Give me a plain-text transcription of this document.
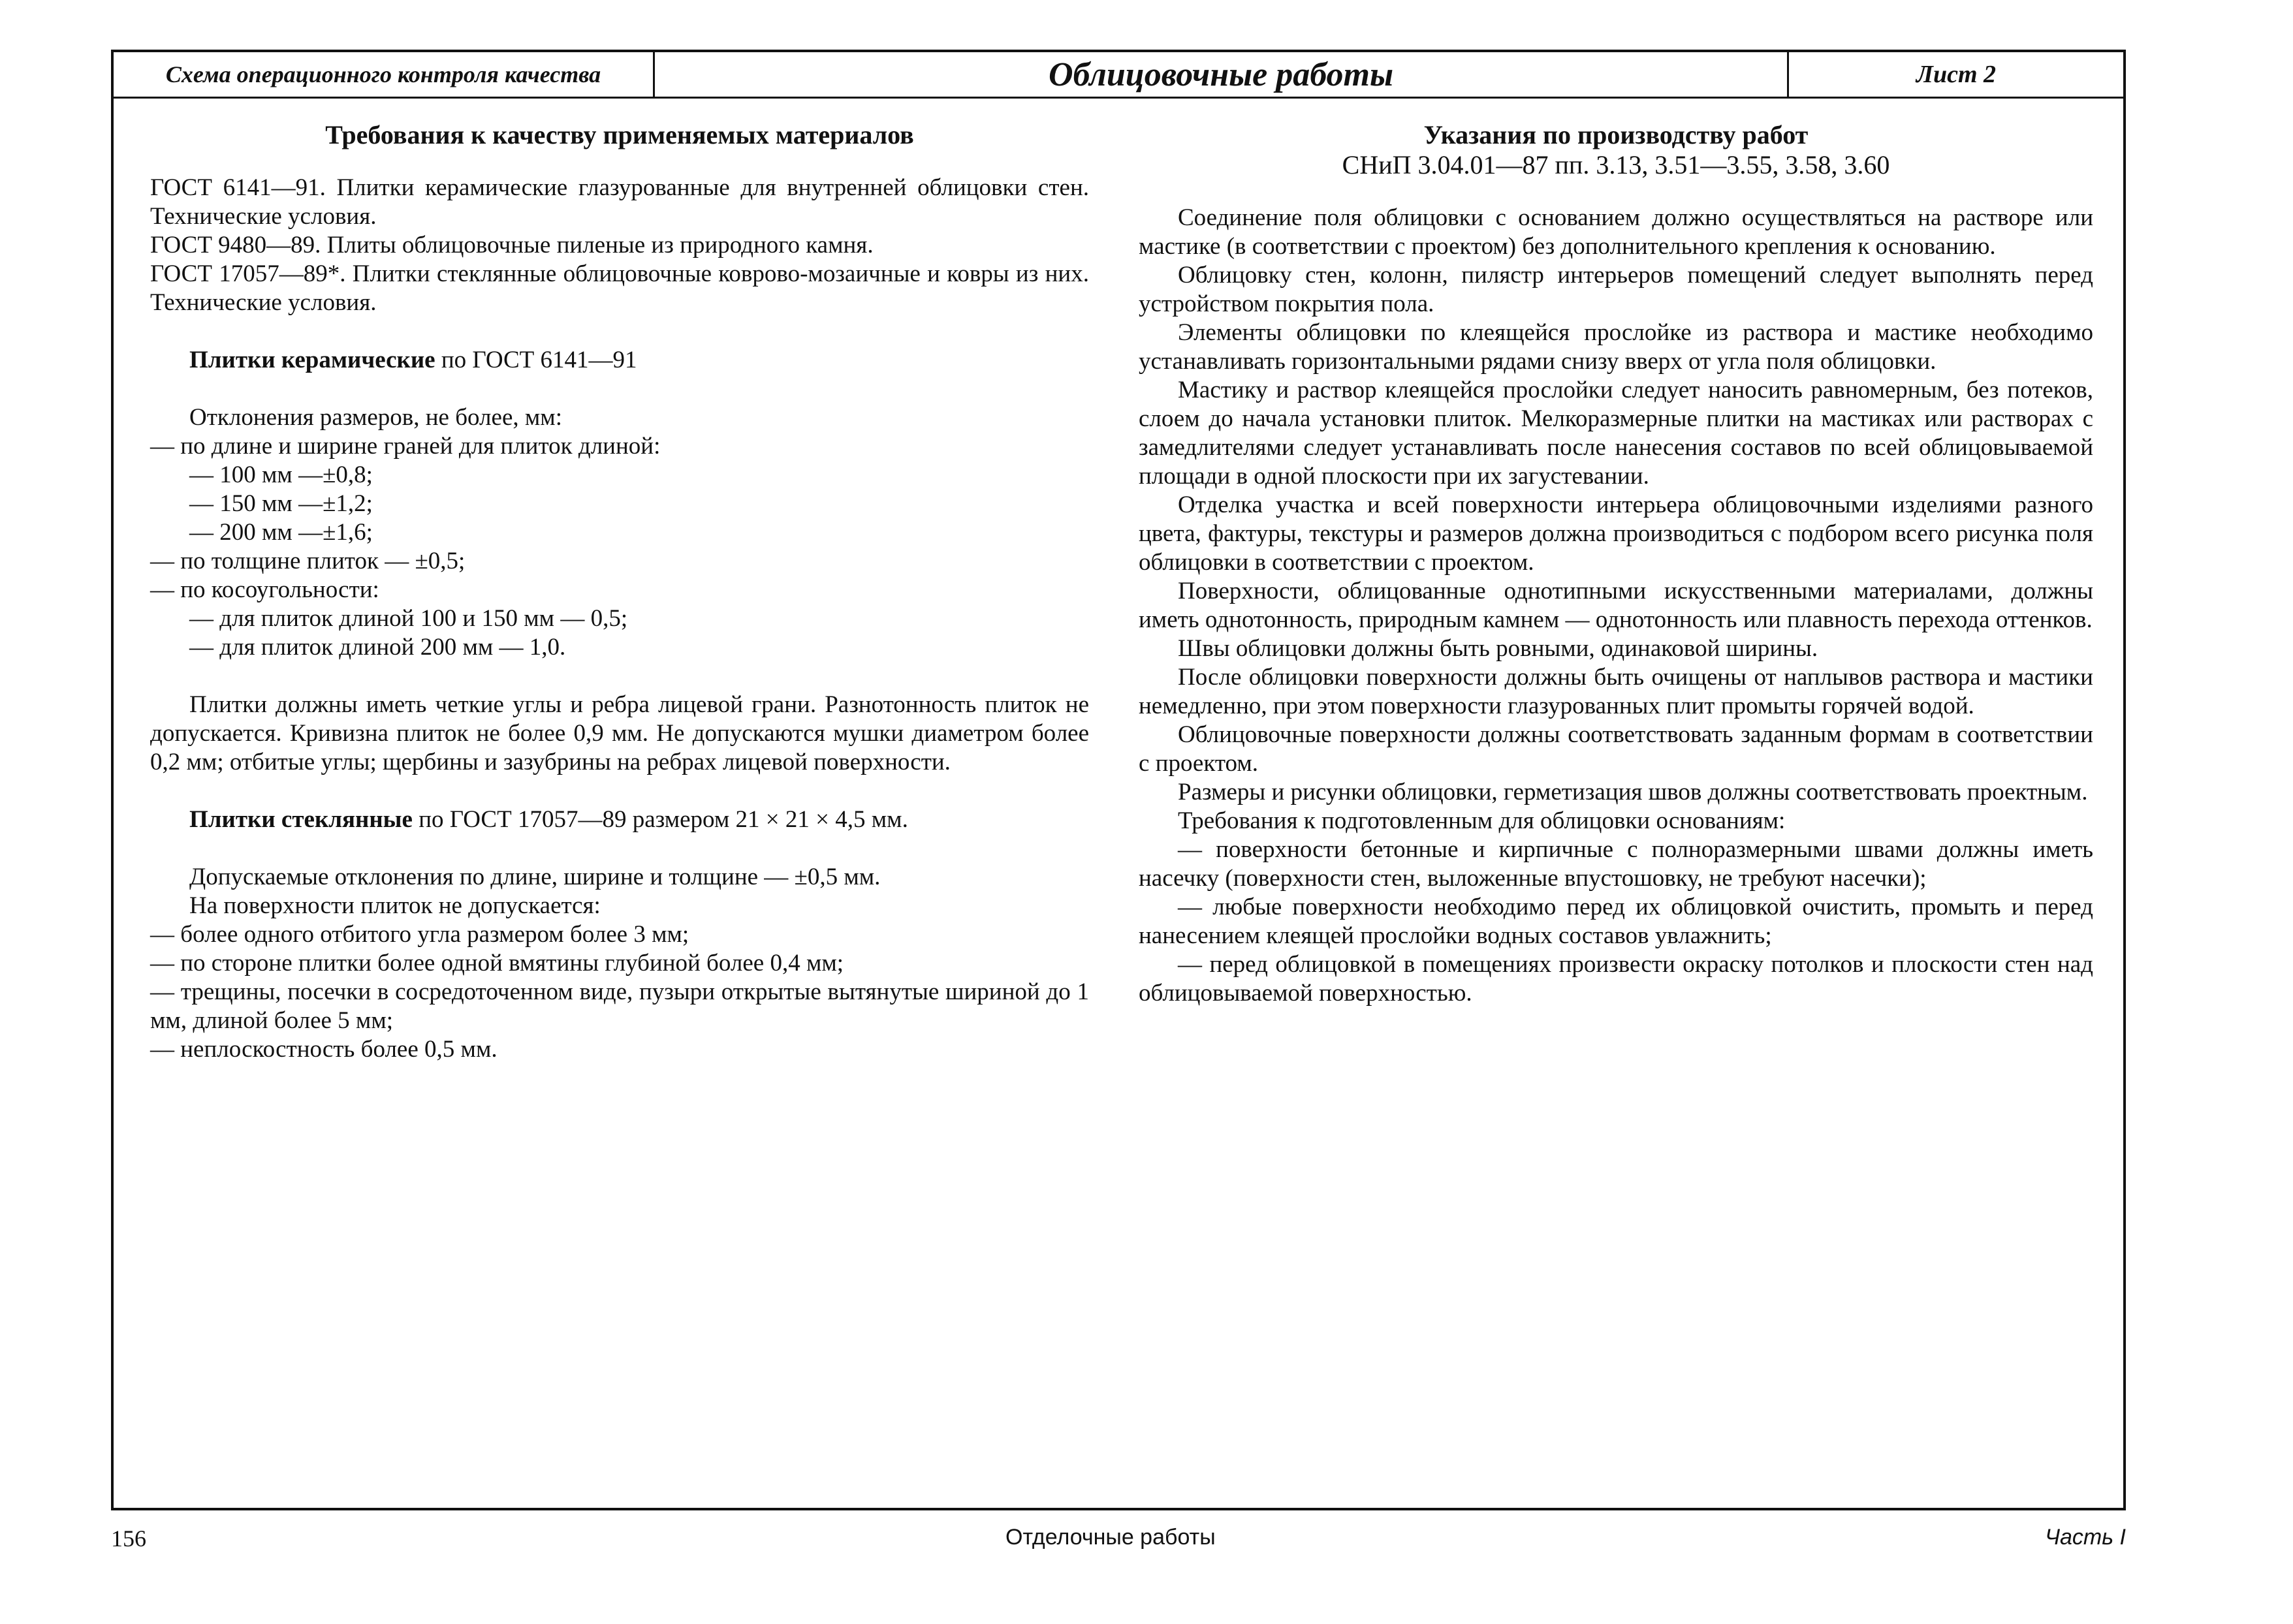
Схема операционного контроля качества	Облицовочные работы	Лист 2

Требования к качеству применяемых материалов

ГОСТ 6141—91. Плитки керамические глазурованные для внутренней облицовки стен. Технические условия.

ГОСТ 9480—89. Плиты облицовочные пиленые из природного камня.

ГОСТ 17057—89*. Плитки стеклянные облицовочные коврово-мозаичные и ковры из них. Технические условия.

Плитки керамические по ГОСТ 6141—91

Отклонения размеров, не более, мм:

— по длине и ширине граней для плиток длиной:

— 100 мм —±0,8;

— 150 мм —±1,2;

— 200 мм —±1,6;

— по толщине плиток — ±0,5;

— по косоугольности:

— для плиток длиной 100 и 150 мм — 0,5;

— для плиток длиной 200 мм — 1,0.

Плитки должны иметь четкие углы и ребра лицевой грани. Разнотонность плиток не допускается. Кривизна плиток не более 0,9 мм. Не допускаются мушки диаметром более 0,2 мм; отбитые углы; щербины и зазубрины на ребрах лицевой поверхности.

Плитки стеклянные по ГОСТ 17057—89 размером 21 × 21 × 4,5 мм.

Допускаемые отклонения по длине, ширине и толщине — ±0,5 мм.

На поверхности плиток не допускается:

— более одного отбитого угла размером более 3 мм;

— по стороне плитки более одной вмятины глубиной более 0,4 мм;

— трещины, посечки в сосредоточенном виде, пузыри открытые вытянутые шириной до 1 мм, длиной более 5 мм;

— неплоскостность более 0,5 мм.

Указания по производству работ

СНиП 3.04.01—87 пп. 3.13, 3.51—3.55, 3.58, 3.60

Соединение поля облицовки с основанием должно осуществляться на растворе или мастике (в соответствии с проектом) без дополнительного крепления к основанию.

Облицовку стен, колонн, пилястр интерьеров помещений следует выполнять перед устройством покрытия пола.

Элементы облицовки по клеящейся прослойке из раствора и мастике необходимо устанавливать горизонтальными рядами снизу вверх от угла поля облицовки.

Мастику и раствор клеящейся прослойки следует наносить равномерным, без потеков, слоем до начала установки плиток. Мелкоразмерные плитки на мастиках или растворах с замедлителями следует устанавливать после нанесения составов по всей облицовываемой площади в одной плоскости при их загустевании.

Отделка участка и всей поверхности интерьера облицовочными изделиями разного цвета, фактуры, текстуры и размеров должна производиться с подбором всего рисунка поля облицовки в соответствии с проектом.

Поверхности, облицованные однотипными искусственными материалами, должны иметь однотонность, природным камнем — однотонность или плавность перехода оттенков.

Швы облицовки должны быть ровными, одинаковой ширины.

После облицовки поверхности должны быть очищены от наплывов раствора и мастики немедленно, при этом поверхности глазурованных плит промыты горячей водой.

Облицовочные поверхности должны соответствовать заданным формам в соответствии с проектом.

Размеры и рисунки облицовки, герметизация швов должны соответствовать проектным.

Требования к подготовленным для облицовки основаниям:

— поверхности бетонные и кирпичные с полноразмерными швами должны иметь насечку (поверхности стен, выложенные впустошовку, не требуют насечки);

— любые поверхности необходимо перед их облицовкой очистить, промыть и перед нанесением клеящей прослойки водных составов увлажнить;

— перед облицовкой в помещениях произвести окраску потолков и плоскости стен над облицовываемой поверхностью.

156	Отделочные работы	Часть I
